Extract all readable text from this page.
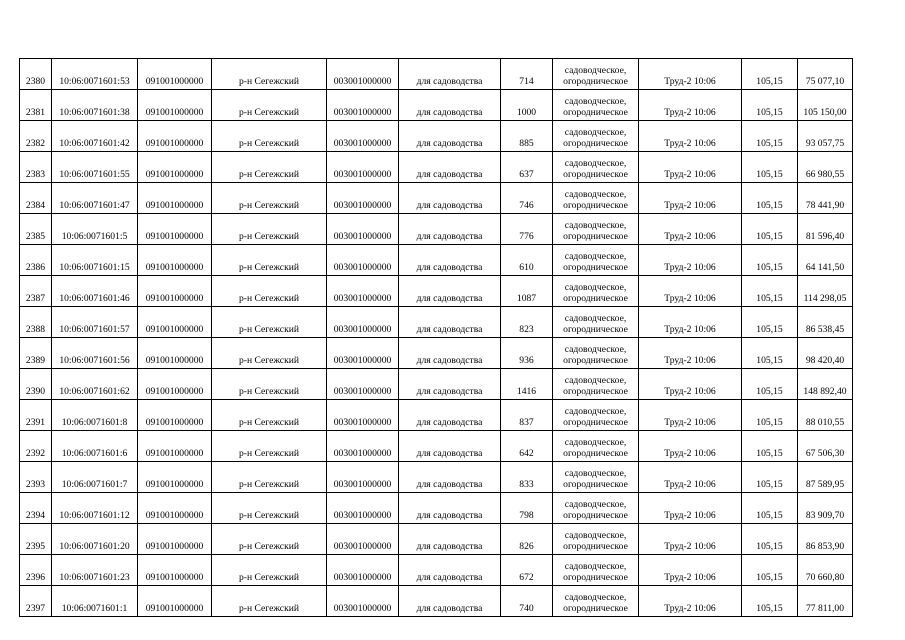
2380	10:06:0071601:53	091001000000	р-н Сегежский	003001000000	для садоводства	714	садоводческое,
огородническое	Труд-2 10:06	105,15	75 077,10
2381	10:06:0071601:38	091001000000	р-н Сегежский	003001000000	для садоводства	1000	садоводческое,
огородническое	Труд-2 10:06	105,15	105 150,00
2382	10:06:0071601:42	091001000000	р-н Сегежский	003001000000	для садоводства	885	садоводческое,
огородническое	Труд-2 10:06	105,15	93 057,75
2383	10:06:0071601:55	091001000000	р-н Сегежский	003001000000	для садоводства	637	садоводческое,
огородническое	Труд-2 10:06	105,15	66 980,55
2384	10:06:0071601:47	091001000000	р-н Сегежский	003001000000	для садоводства	746	садоводческое,
огородническое	Труд-2 10:06	105,15	78 441,90
2385	10:06:0071601:5	091001000000	р-н Сегежский	003001000000	для садоводства	776	садоводческое,
огородническое	Труд-2 10:06	105,15	81 596,40
2386	10:06:0071601:15	091001000000	р-н Сегежский	003001000000	для садоводства	610	садоводческое,
огородническое	Труд-2 10:06	105,15	64 141,50
2387	10:06:0071601:46	091001000000	р-н Сегежский	003001000000	для садоводства	1087	садоводческое,
огородническое	Труд-2 10:06	105,15	114 298,05
2388	10:06:0071601:57	091001000000	р-н Сегежский	003001000000	для садоводства	823	садоводческое,
огородническое	Труд-2 10:06	105,15	86 538,45
2389	10:06:0071601:56	091001000000	р-н Сегежский	003001000000	для садоводства	936	садоводческое,
огородническое	Труд-2 10:06	105,15	98 420,40
2390	10:06:0071601:62	091001000000	р-н Сегежский	003001000000	для садоводства	1416	садоводческое,
огородническое	Труд-2 10:06	105,15	148 892,40
2391	10:06:0071601:8	091001000000	р-н Сегежский	003001000000	для садоводства	837	садоводческое,
огородническое	Труд-2 10:06	105,15	88 010,55
2392	10:06:0071601:6	091001000000	р-н Сегежский	003001000000	для садоводства	642	садоводческое,
огородническое	Труд-2 10:06	105,15	67 506,30
2393	10:06:0071601:7	091001000000	р-н Сегежский	003001000000	для садоводства	833	садоводческое,
огородническое	Труд-2 10:06	105,15	87 589,95
2394	10:06:0071601:12	091001000000	р-н Сегежский	003001000000	для садоводства	798	садоводческое,
огородническое	Труд-2 10:06	105,15	83 909,70
2395	10:06:0071601:20	091001000000	р-н Сегежский	003001000000	для садоводства	826	садоводческое,
огородническое	Труд-2 10:06	105,15	86 853,90
2396	10:06:0071601:23	091001000000	р-н Сегежский	003001000000	для садоводства	672	садоводческое,
огородническое	Труд-2 10:06	105,15	70 660,80
2397	10:06:0071601:1	091001000000	р-н Сегежский	003001000000	для садоводства	740	садоводческое,
огородническое	Труд-2 10:06	105,15	77 811,00
